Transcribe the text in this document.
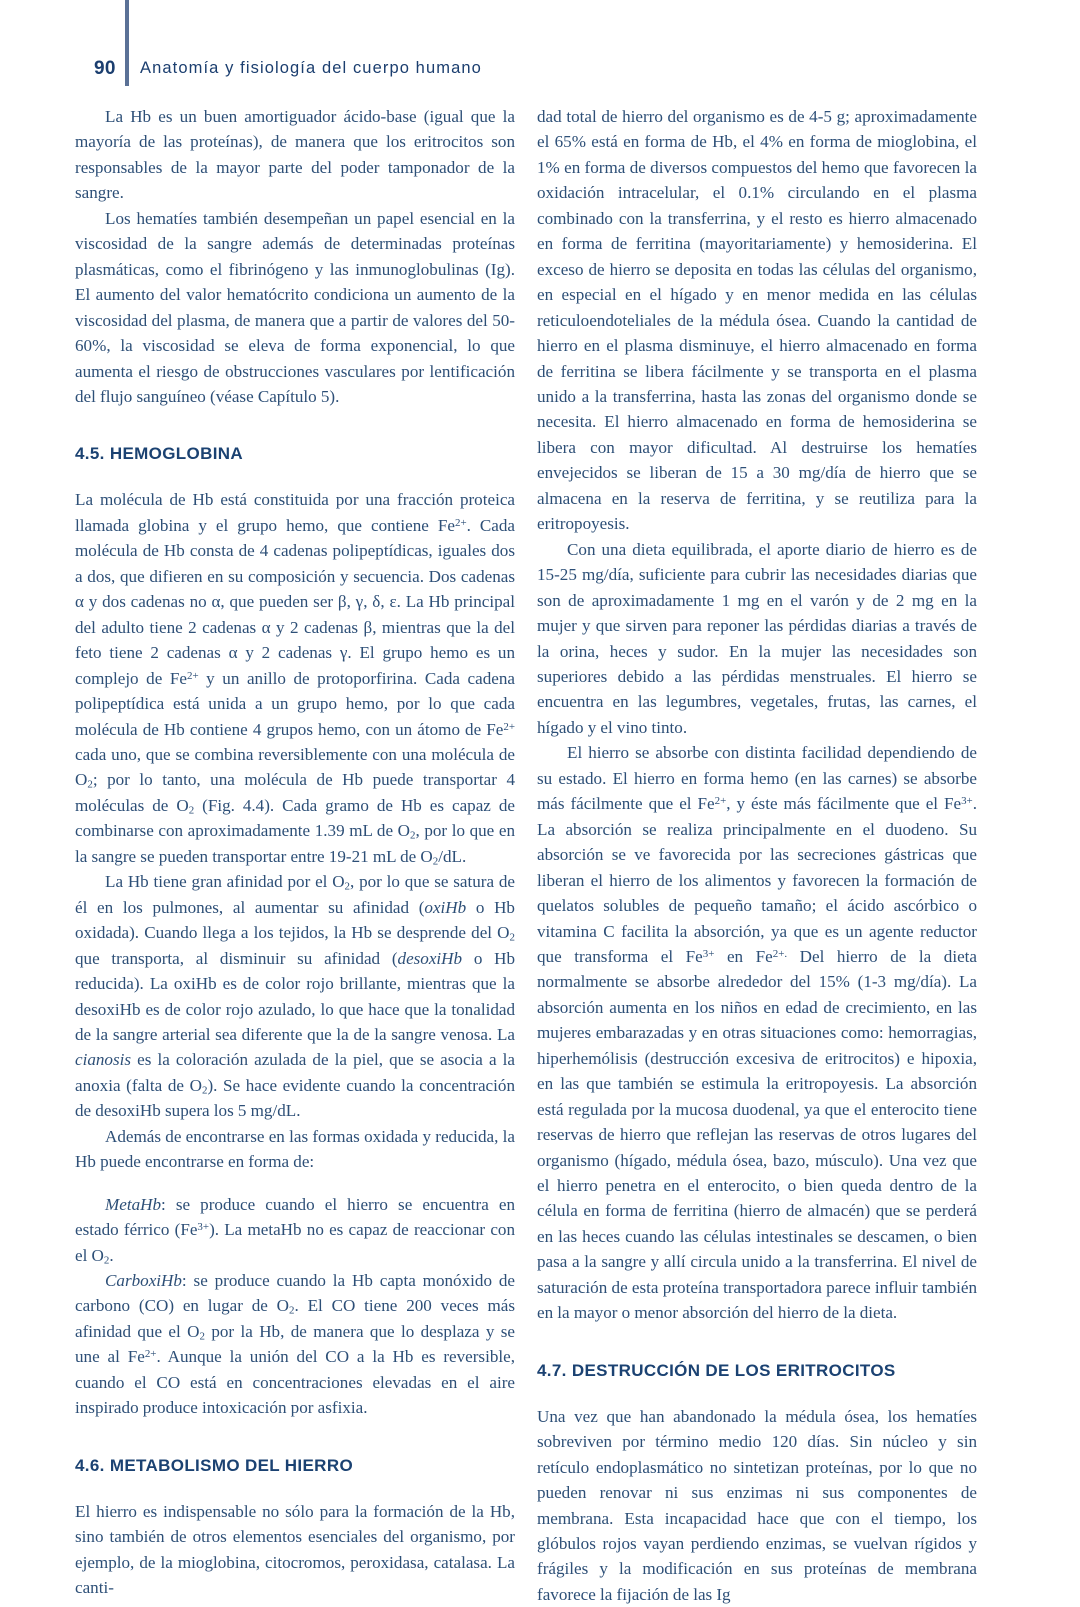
90 Anatomía y fisiología del cuerpo humano

La Hb es un buen amortiguador ácido-base (igual que la mayoría de las proteínas), de manera que los eritrocitos son responsables de la mayor parte del poder tamponador de la sangre.

Los hematíes también desempeñan un papel esencial en la viscosidad de la sangre además de determinadas proteínas plasmáticas, como el fibrinógeno y las inmunoglobulinas (Ig). El aumento del valor hematócrito condiciona un aumento de la viscosidad del plasma, de manera que a partir de valores del 50-60%, la viscosidad se eleva de forma exponencial, lo que aumenta el riesgo de obstrucciones vasculares por lentificación del flujo sanguíneo (véase Capítulo 5).

4.5. HEMOGLOBINA

La molécula de Hb está constituida por una fracción proteica llamada globina y el grupo hemo, que contiene $Fe^{2+}$. Cada molécula de Hb consta de 4 cadenas polipeptídicas, iguales dos a dos, que difieren en su composición y secuencia. Dos cadenas α y dos cadenas no α, que pueden ser β, γ, δ, ε. La Hb principal del adulto tiene 2 cadenas α y 2 cadenas β, mientras que la del feto tiene 2 cadenas α y 2 cadenas γ. El grupo hemo es un complejo de $Fe^{2+}$ y un anillo de protoporfirina. Cada cadena polipeptídica está unida a un grupo hemo, por lo que cada molécula de Hb contiene 4 grupos hemo, con un átomo de $Fe^{2+}$ cada uno, que se combina reversiblemente con una molécula de $O_2$; por lo tanto, una molécula de Hb puede transportar 4 moléculas de $O_2$ (Fig. 4.4). Cada gramo de Hb es capaz de combinarse con aproximadamente 1.39 mL de $O_2$, por lo que en la sangre se pueden transportar entre 19-21 mL de $O_2/dL$.

La Hb tiene gran afinidad por el $O_2$, por lo que se satura de él en los pulmones, al aumentar su afinidad (oxiHb o Hb oxidada). Cuando llega a los tejidos, la Hb se desprende del $O_2$ que transporta, al disminuir su afinidad (desoxiHb o Hb reducida). La oxiHb es de color rojo brillante, mientras que la desoxiHb es de color rojo azulado, lo que hace que la tonalidad de la sangre arterial sea diferente que la de la sangre venosa. La cianosis es la coloración azulada de la piel, que se asocia a la anoxia (falta de $O_2$). Se hace evidente cuando la concentración de desoxiHb supera los 5 mg/dL.

Además de encontrarse en las formas oxidada y reducida, la Hb puede encontrarse en forma de:

MetaHb: se produce cuando el hierro se encuentra en estado férrico $(Fe^{3+})$. La metaHb no es capaz de reaccionar con el $O_2$.

CarboxiHb: se produce cuando la Hb capta monóxido de carbono (CO) en lugar de $O_2$. El CO tiene 200 veces más afinidad que el $O_2$ por la Hb, de manera que lo desplaza y se une al $Fe^{2+}$. Aunque la unión del CO a la Hb es reversible, cuando el CO está en concentraciones elevadas en el aire inspirado produce intoxicación por asfixia.

4.6. METABOLISMO DEL HIERRO

El hierro es indispensable no sólo para la formación de la Hb, sino también de otros elementos esenciales del organismo, por ejemplo, de la mioglobina, citocromos, peroxidasa, catalasa. La canti-

dad total de hierro del organismo es de 4-5 g; aproximadamente el 65% está en forma de Hb, el 4% en forma de mioglobina, el 1% en forma de diversos compuestos del hemo que favorecen la oxidación intracelular, el 0.1% circulando en el plasma combinado con la transferrina, y el resto es hierro almacenado en forma de ferritina (mayoritariamente) y hemosiderina. El exceso de hierro se deposita en todas las células del organismo, en especial en el hígado y en menor medida en las células reticuloendoteliales de la médula ósea. Cuando la cantidad de hierro en el plasma disminuye, el hierro almacenado en forma de ferritina se libera fácilmente y se transporta en el plasma unido a la transferrina, hasta las zonas del organismo donde se necesita. El hierro almacenado en forma de hemosiderina se libera con mayor dificultad. Al destruirse los hematíes envejecidos se liberan de 15 a 30 mg/día de hierro que se almacena en la reserva de ferritina, y se reutiliza para la eritropoyesis.

Con una dieta equilibrada, el aporte diario de hierro es de 15-25 mg/día, suficiente para cubrir las necesidades diarias que son de aproximadamente 1 mg en el varón y de 2 mg en la mujer y que sirven para reponer las pérdidas diarias a través de la orina, heces y sudor. En la mujer las necesidades son superiores debido a las pérdidas menstruales. El hierro se encuentra en las legumbres, vegetales, frutas, las carnes, el hígado y el vino tinto.

El hierro se absorbe con distinta facilidad dependiendo de su estado. El hierro en forma hemo (en las carnes) se absorbe más fácilmente que el $Fe^{2+}$, y éste más fácilmente que el $Fe^{3+}$. La absorción se realiza principalmente en el duodeno. Su absorción se ve favorecida por las secreciones gástricas que liberan el hierro de los alimentos y favorecen la formación de quelatos solubles de pequeño tamaño; el ácido ascórbico o vitamina C facilita la absorción, ya que es un agente reductor que transforma el $Fe^{3+}$ en $Fe^{2+.}$ Del hierro de la dieta normalmente se absorbe alrededor del 15% (1-3 mg/día). La absorción aumenta en los niños en edad de crecimiento, en las mujeres embarazadas y en otras situaciones como: hemorragias, hiperhemólisis (destrucción excesiva de eritrocitos) e hipoxia, en las que también se estimula la eritropoyesis. La absorción está regulada por la mucosa duodenal, ya que el enterocito tiene reservas de hierro que reflejan las reservas de otros lugares del organismo (hígado, médula ósea, bazo, músculo). Una vez que el hierro penetra en el enterocito, o bien queda dentro de la célula en forma de ferritina (hierro de almacén) que se perderá en las heces cuando las células intestinales se descamen, o bien pasa a la sangre y allí circula unido a la transferrina. El nivel de saturación de esta proteína transportadora parece influir también en la mayor o menor absorción del hierro de la dieta.

4.7. DESTRUCCIÓN DE LOS ERITROCITOS

Una vez que han abandonado la médula ósea, los hematíes sobreviven por término medio 120 días. Sin núcleo y sin retículo endoplasmático no sintetizan proteínas, por lo que no pueden renovar ni sus enzimas ni sus componentes de membrana. Esta incapacidad hace que con el tiempo, los glóbulos rojos vayan perdiendo enzimas, se vuelvan rígidos y frágiles y la modificación en sus proteínas de membrana favorece la fijación de las Ig
